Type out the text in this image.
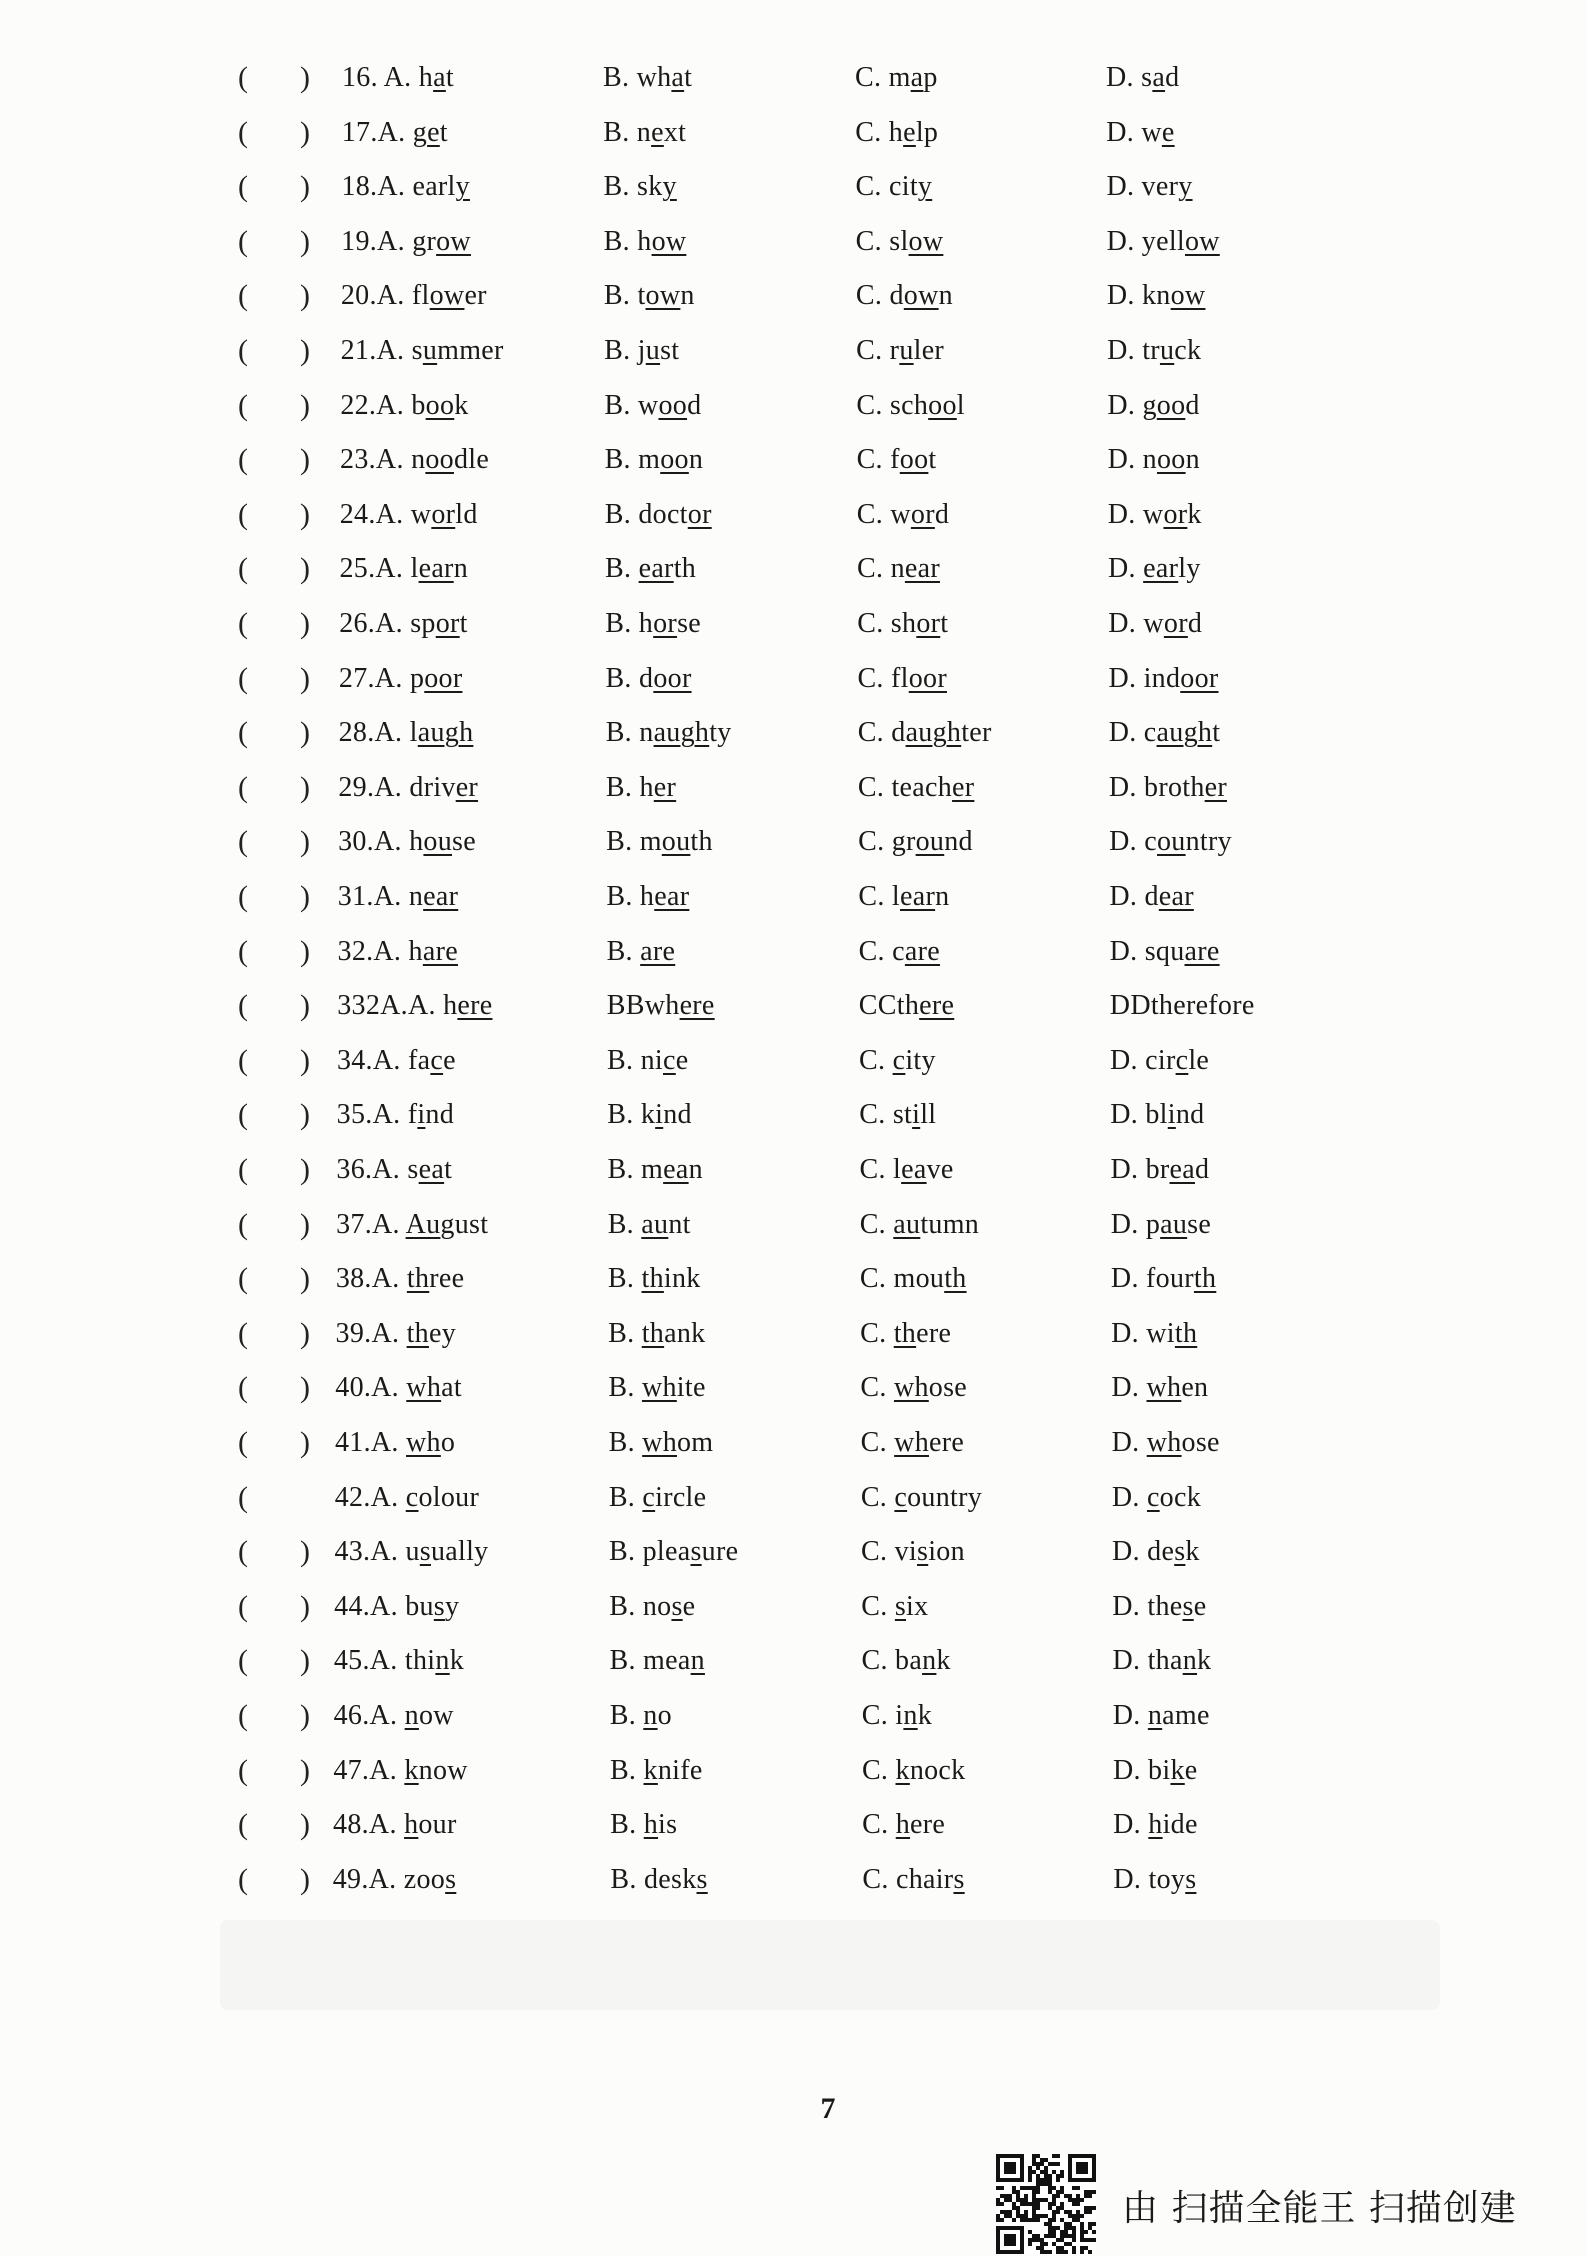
( ) 16. A. hat	B. what	C. map	D. sad
( ) 17.A. get	B. next	C. help	D. we
( ) 18.A. early	B. sky	C. city	D. very
( ) 19.A. grow	B. how	C. slow	D. yellow
( ) 20.A. flower	B. town	C. down	D. know
( ) 21.A. summer	B. just	C. ruler	D. truck
( ) 22.A. book	B. wood	C. school	D. good
( ) 23.A. noodle	B. moon	C. foot	D. noon
( ) 24.A. world	B. doctor	C. word	D. work
( ) 25.A. learn	B. earth	C. near	D. early
( ) 26.A. sport	B. horse	C. short	D. word
( ) 27.A. poor	B. door	C. floor	D. indoor
( ) 28.A. laugh	B. naughty	C. daughter	D. caught
( ) 29.A. driver	B. her	C. teacher	D. brother
( ) 30.A. house	B. mouth	C. ground	D. country
( ) 31.A. near	B. hear	C. learn	D. dear
( ) 32.A. hare	B. are	C. care	D. square
( ) 332A.A. here	BBwhere	CCthere	DDtherefore
( ) 34.A. face	B. nice	C. city	D. circle
( ) 35.A. find	B. kind	C. still	D. blind
( ) 36.A. seat	B. mean	C. leave	D. bread
( ) 37.A. August	B. aunt	C. autumn	D. pause
( ) 38.A. three	B. think	C. mouth	D. fourth
( ) 39.A. they	B. thank	C. there	D. with
( ) 40.A. what	B. white	C. whose	D. when
( ) 41.A. who	B. whom	C. where	D. whose
(	42.A. colour	B. circle	C. country	D. cock
( ) 43.A. usually	B. pleasure	C. vision	D. desk
( ) 44.A. busy	B. nose	C. six	D. these
( ) 45.A. think	B. mean	C. bank	D. thank
( ) 46.A. now	B. no	C. ink	D. name
( ) 47.A. know	B. knife	C. knock	D. bike
( ) 48.A. hour	B. his	C. here	D. hide
( ) 49.A. zoos	B. desks	C. chairs	D. toys
7
由 扫描全能王 扫描创建
